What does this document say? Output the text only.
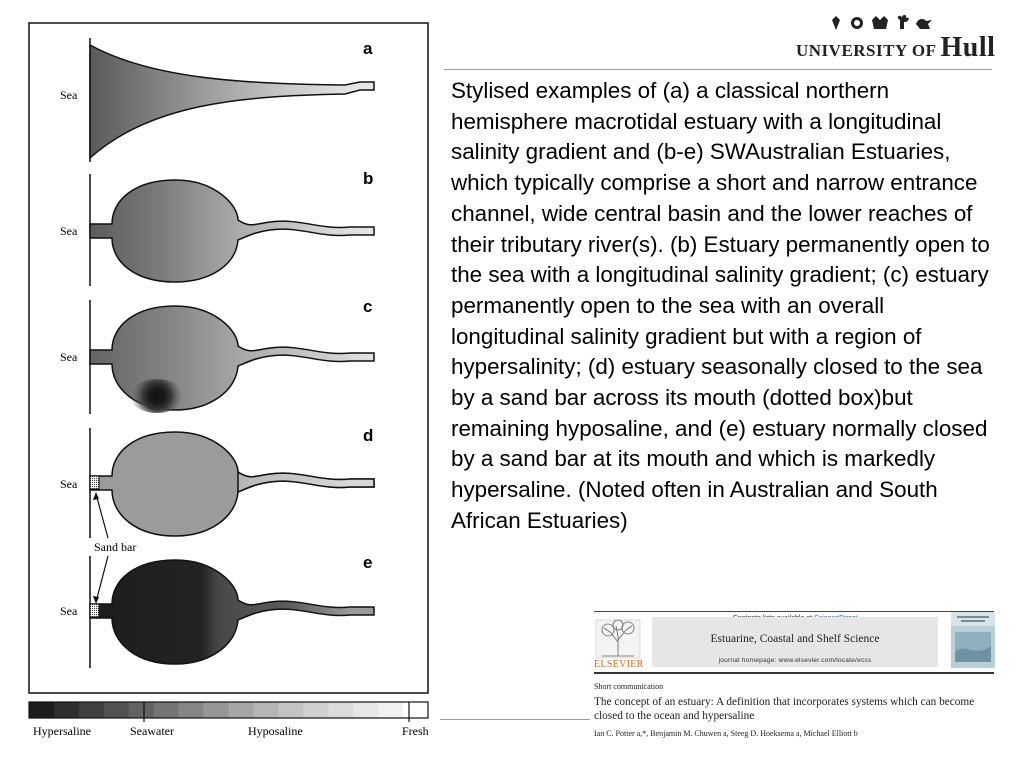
Sea
a
Sea
b
Sea
c
Sea
d
Sand bar
Sea
e
Hypersaline	Seawater	Hyposaline	Fresh
UNIVERSITY OF Hull
Stylised examples of (a) a classical northern hemisphere macrotidal estuary with a longitudinal salinity gradient and (b-e) SWAustralian Estuaries, which typically comprise a short and narrow entrance channel, wide central basin and the lower reaches of their tributary river(s). (b) Estuary permanently open to the sea with a longitudinal salinity gradient; (c) estuary permanently open to the sea with an overall longitudinal salinity gradient but with a region of hypersalinity; (d) estuary seasonally closed to the sea by a sand bar across its mouth (dotted box)but remaining hyposaline, and (e) estuary normally closed by a sand bar at its mouth and which is markedly hypersaline. (Noted often in Australian and South African Estuaries)
ELSEVIER
Estuarine, Coastal and Shelf Science
journal homepage: www.elsevier.com/locate/ecss
Short communication
The concept of an estuary: A definition that incorporates systems which can become closed to the ocean and hypersaline
Ian C. Potter a,*, Benjamin M. Chuwen a, Steeg D. Hoeksema a, Michael Elliott b
